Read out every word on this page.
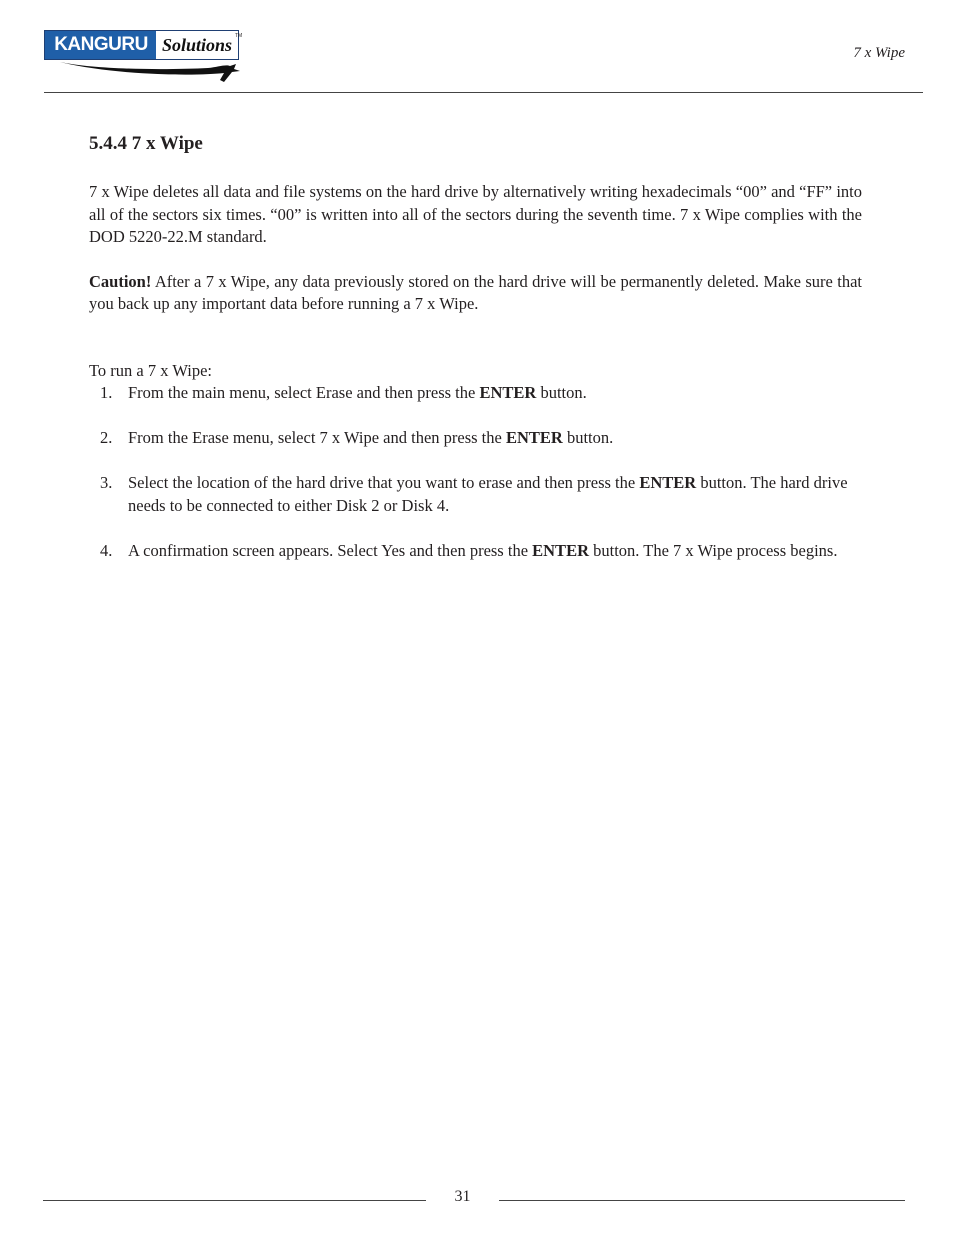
KANGURU Solutions TM
7 x Wipe
5.4.4 7 x Wipe

7 x Wipe deletes all data and file systems on the hard drive by alternatively writing hexadecimals “00” and “FF” into all of the sectors six times. “00” is written into all of the sectors during the seventh time. 7 x Wipe complies with the DOD 5220-22.M standard.

Caution! After a 7 x Wipe, any data previously stored on the hard drive will be permanently deleted. Make sure that you back up any important data before running a 7 x Wipe.

To run a 7 x Wipe:

1. From the main menu, select Erase and then press the ENTER button.
2. From the Erase menu, select 7 x Wipe and then press the ENTER button.
3. Select the location of the hard drive that you want to erase and then press the ENTER button. The hard drive needs to be connected to either Disk 2 or Disk 4.
4. A confirmation screen appears. Select Yes and then press the ENTER button. The 7 x Wipe process begins.
31
